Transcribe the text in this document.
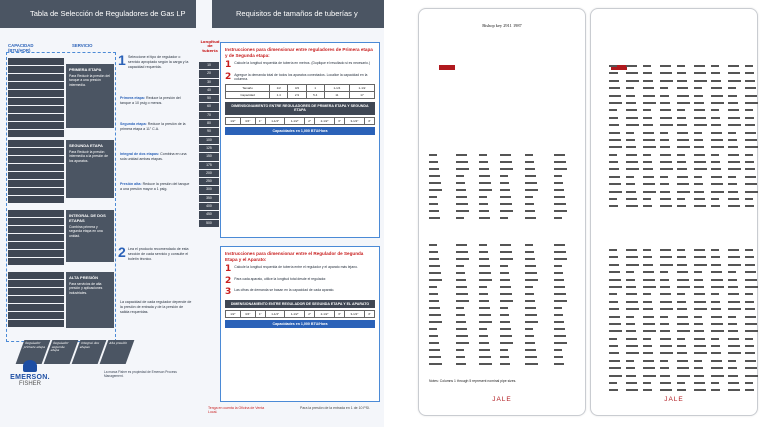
Tabla de Selección de Reguladores de Gas LP	Requisitos de tamaños de tuberías y
CAPACIDAD (BTU/HOR)
SERVICIO
PRIMERA ETAPA
Para Reducir la presión del tanque a una presión intermedia.
SEGUNDA ETAPA
Para Reducir la presión intermedia a la presión de los aparatos.
INTEGRAL DE DOS ETAPAS
Combina primera y segunda etapa en una unidad.
ALTA PRESIÓN
Para servicios de alta presión y aplicaciones industriales.
1 Seleccione el tipo de regulador o servicio apropiado según la carga y la capacidad requerida.
Primera etapa: Reduce la presión del tanque a 10 psig o menos.
Segunda etapa: Reduce la presión de la primera etapa a 11" C.A.
Integral de dos etapas: Combina en una sola unidad ambas etapas.
Presión alta: Reduce la presión del tanque a una presión mayor a 1 psig.
2 Lea el producto recomendado de esta sección de cada servicio y consulte el boletín técnico.
La capacidad de cada regulador depende de la presión de entrada y de la presión de salida requeridas.
Regulador primera etapa
Regulador segunda etapa
Integral dos etapas
Alta presión
EMERSON.
FISHER
La marca Fisher es propiedad de Emerson Process Management.
Longitud de tubería
10
20
30
40
50
60
70
80
90
100
125
150
175
200
250
300
350
400
450
500
Instrucciones para dimensionar entre reguladores de Primera etapa y de Segunda etapa:
1 Calcule la longitud requerida de tubería en metros. (Duplique el resultado si es necesario.)
2 Agregue la demanda total de todos los aparatos conectados. Localice la capacidad en la columna.
Tamaño	1/2	3/4	1	1-1/4	1-1/2
Capacidad	1.4	2.9	5.4	11	17
DIMENSIONAMIENTO ENTRE REGULADORES DE PRIMERA ETAPA Y SEGUNDA ETAPA
1/2"	3/4"	1"	1-1/4"	1-1/2"	2"	2-1/2"	3"	3-1/2"	4"
Capacidades en 1,000 BTU/Hora
Instrucciones para dimensionar entre el Regulador de Segunda Etapa y el Aparato:
1 Calcule la longitud requerida de tubería entre el regulador y el aparato más lejano.
2 Para cada aparato, utilice la longitud total desde el regulador.
3 Las cifras de demanda se basan en la capacidad de cada aparato.
DIMENSIONAMIENTO ENTRE REGULADOR DE SEGUNDA ETAPA Y EL APARATO
1/2"	3/4"	1"	1-1/4"	1-1/2"	2"	2-1/2"	3"	3-1/2"	4"
Capacidades en 1,000 BTU/Hora
Tenga en cuenta la Oficina de Venta Local.
Para la presión de la entrada en 1 de 10 PSI.
Bishop key 2911 1987
Notes: Columns 1 through 5 represent nominal pipe sizes.
JALE	JALE
